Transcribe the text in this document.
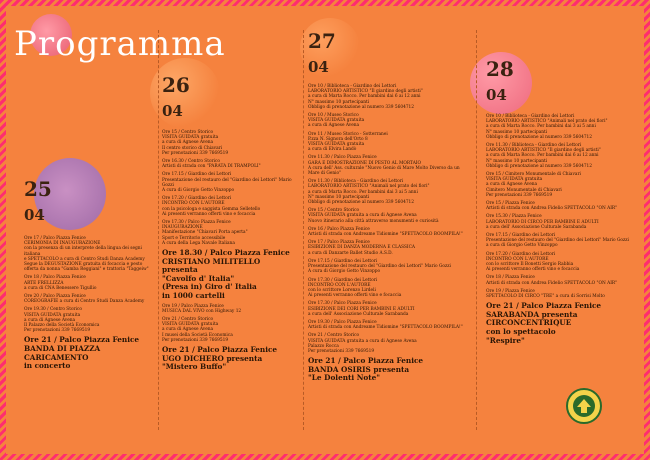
Programma
25
04
Ore 17 / Palco Piazza Fenice
CERIMONIA DI INAUGURAZIONE
con la presenza di un interprete della lingua dei segni italiana
e SPETTACOLO a cura di Centro Studi Danza Academy
Segue la DEGUSTAZIONE gratuita di focaccia e pesto
offerta da nonna "Gamba Reggiani" e trattoria "Taggeiw"
Ore 18 / Palco Piazza Fenice
ARTE FRELLIZZA
a cura di CNA Benessere Tigullio
Ore 20 / Palco Piazza Fenice
COREOGRAFIE a cura di Centro Studi Danza Academy
Ore 19.30 / Centro Storico
VISITA GUIDATA gratuita
a cura di Agnese Avena
Il Palazzo della Società Economica
Per prenotazioni 339 7669519
Ore 21 / Palco Piazza Fenice
BANDA DI PIAZZA CARICAMENTO
in concerto
26
04
Ore 15 / Centro Storico
VISITA GUIDATA gratuita
a cura di Agnese Avena
Il centro storico di Chiavari
Per prenotazioni 339 7669519
Ore 16.30 / Centro Storico
Artisti di strada con "PARATA DI TRAMPOLI"
Ore 17.15 / Giardino dei Lettori
Presentazione del restauro del "Giardino dei Lettori" Mario Gozzi
A cura di Giorgio Getto Vinzoppo
Ore 17.20 / Giardino dei Lettori
INCONTRO CON L'AUTORE
con la psicologa e saggista Gemma Selletello
Ai presenti verranno offerti vino e focaccia
Ore 17.30 / Palco Piazza Fenice
INAUGURAZIONE
Manifestazione "Chiavari Porta aperta"
Sport e Territorio accessibile
A cura della Lega Navale Italiana
Ore 18.30 / Palco Piazza Fenice
CRISTIANO MILITELLO
presenta
"Cavolfo d' Italia"
(Presa in) Giro d' Italia
in 1000 cartelli
Ore 19 / Palco Piazza Fenice
MUSICA DAL VIVO con Highway 12
Ore 21 / Centro Storico
VISITA GUIDATA gratuita
a cura di Agnese Avena
I musei della Società Economica
Per prenotazioni 339 7669519
Ore 21 / Palco Piazza Fenice
UGO DICHERO presenta
"Mistero Buffo"
27
04
Ore 10 / Biblioteca - Giardino dei Lettori
LABORATORIO ARTISTICO "Il giardino degli artisti"
a cura di Marta Rocco. Per bambini dai 6 ai 12 anni
N° massimo 10 partecipanti
Obbligo di prenotazione al numero 339 5604712
Ore 10 / Museo Storico
VISITA GUIDATA gratuita
a cura di Agnese Avena
Ore 11 / Museo Storico - Sotterranei
P.zza N. Signora dell'Orto 8
VISITA GUIDATA gratuita
a cura di Elvira Landò
Ore 11.30 / Palco Piazza Fenice
GARA E DIMOSTRAZIONE DI PESTO AL MORTAIO
A cura dell' Ass. culturale "Nuovo Genio di Mare Molto Diverso da un Mare di Genio"
Ore 11.30 / Biblioteca - Giardino dei Lettori
LABORATORIO ARTISTICO "Animali nel prato dei fiori"
a cura di Marta Rocco. Per bambini dai 3 ai 5 anni
N° massimo 10 partecipanti
Obbligo di prenotazione al numero 339 5604712
Ore 15 / Centro Storico
VISITA GUIDATA gratuita a cura di Agnese Avena
Nuovo itinerario alla città attraverso monumenti e curiosità
Ore 16 / Palco Piazza Fenice
Artisti di strada con Andreame Tidiomine "SPETTACOLO BOOMPILA!"
Ore 17 / Palco Piazza Fenice
ESIBIZIONE DI DANZA MODERNA E CLASSICA
a cura di Danzarte Ballet Studio A.S.D.
Ore 17.15 / Giardino dei Lettori
Presentazione del restauro del "Giardino dei Lettori" Mario Gozzi
A cura di Giorgio Getto Vinzoppo
Ore 17.30 / Giardino dei Lettori
INCONTRO CON L'AUTORE
con lo scrittore Lorenzo Lirdeli
Ai presenti verranno offerti vino e focaccia
Ore 17.30 / Palco Piazza Fenice
ESIBIZIONE DEI CORI PER BAMBINI E ADULTI
a cura dell' Associazione Culturale Sarabanda
Ore 19.30 / Palco Piazza Fenice
Artisti di strada con Andreame Tidiomine "SPETTACOLO BOOMPILA!"
Ore 21 / Centro Storico
VISITA GUIDATA gratuita a cura di Agnese Avena
Palazzo Rocca
Per prenotazioni 339 7669519
Ore 21 / Palco Piazza Fenice
BANDA OSIRIS presenta
"Le Dolenti Note"
28
04
Ore 10 / Biblioteca - Giardino dei Lettori
LABORATORIO ARTISTICO "Animali nel prato dei fiori"
a cura di Marta Rocco. Per bambini dai 3 ai 5 anni
N° massimo 10 partecipanti
Obbligo di prenotazione al numero 339 5604712
Ore 11.30 / Biblioteca - Giardino dei Lettori
LABORATORIO ARTISTICO "Il giardino degli artisti"
a cura di Marta Rocco. Per bambini dai 6 ai 12 anni
N° massimo 10 partecipanti
Obbligo di prenotazione al numero 339 5604712
Ore 15 / Cimitero Monumentale di Chiavari
VISITA GUIDATA gratuita
a cura di Agnese Avena
Cimitero Monumentale di Chiavari
Per prenotazioni 339 7669519
Ore 15 / Piazza Fenice
Artisti di strada con Andrea Fidelio SPETTACOLO "ON AIR"
Ore 15.30 / Piazza Fenice
LABORATORIO DI CIRCO PER BAMBINI E ADULTI
a cura dell' Associazione Culturale Sarabanda
Ore 17.15 / Giardino dei Lettori
Presentazione del restauro del "Giardino dei Lettori" Mario Gozzi
a cura di Giorgio Getto Vinzoppo
Ore 17.20 / Giardino dei Lettori
INCONTRO CON L'AUTORE
con lo scrittore Il Bonetti Sergio Rabbia
Ai presenti verranno offerti vino e focaccia
Ore 18 / Piazza Fenice
Artisti di strada con Andrea Fidelio SPETTACOLO "ON AIR"
Ore 19 / Piazza Fenice
SPETTACOLO DI CIRCO "TRE" a cura di Sorrisi Molto
Ore 21 / Palco Piazza Fenice
SARABANDA presenta
CIRCONCENTRIQUE
con lo spettacolo
"Respire"
